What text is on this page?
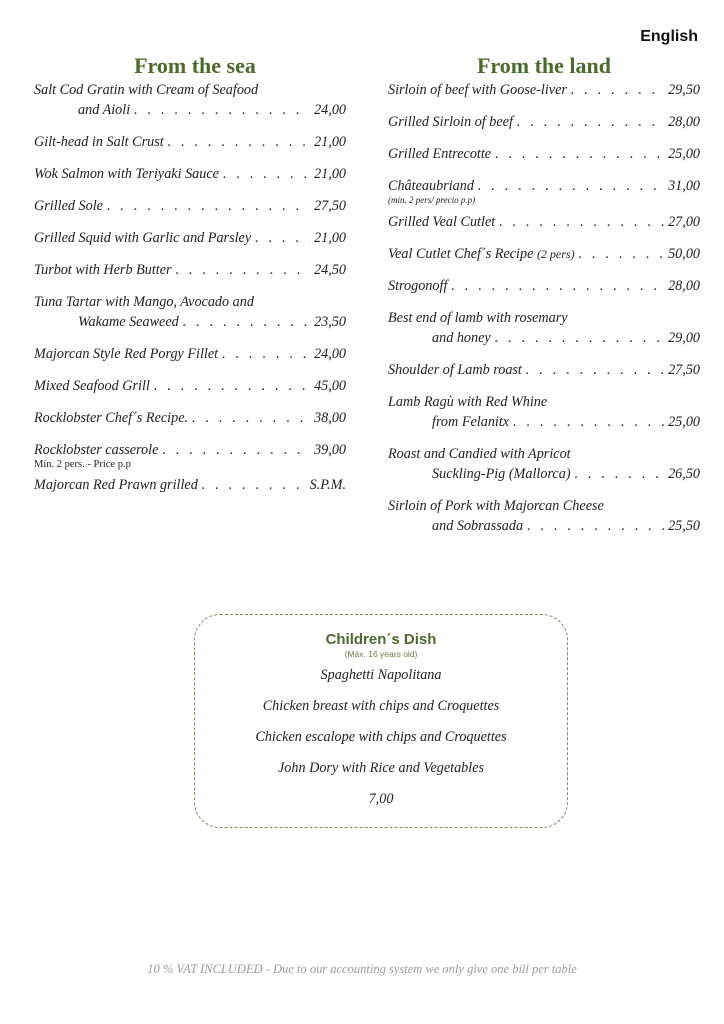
English
From the sea
Salt Cod Gratin with Cream of Seafood
and Aioli . . .	24,00
Gilt-head in Salt Crust . . .	21,00
Wok Salmon with Teriyaki Sauce . . .	21,00
Grilled Sole . . .	27,50
Grilled Squid with Garlic and Parsley . . .	21,00
Turbot with Herb Butter . . .	24,50
Tuna Tartar with Mango, Avocado and
Wakame Seaweed . . .	23,50
Majorcan Style Red Porgy Fillet . . .	24,00
Mixed Seafood Grill . . .	45,00
Rocklobster Chef´s Recipe. . . .	38,00
Rocklobster casserole . . .	39,00
Mín. 2 pers. - Price p.p
Majorcan Red Prawn grilled . . .	S.P.M.
From the land
Sirloin of beef with Goose-liver . . .	29,50
Grilled Sirloin of beef . . .	28,00
Grilled Entrecotte . . .	25,00
Châteaubriand . . .	31,00
(mín. 2 pers/ precio p.p)
Grilled Veal Cutlet . . .	27,00
Veal Cutlet Chef´s Recipe
(2 pers) . . .	50,00
Strogonoff . . .	28,00
Best end of lamb with rosemary
and honey . . .	29,00
Shoulder of Lamb roast . . .	27,50
Lamb Ragù with Red Whine
from Felanitx . . .	25,00
Roast and Candied with Apricot
Suckling-Pig (Mallorca) . . .	26,50
Sirloin of Pork with Majorcan Cheese
and Sobrassada . . .	25,50
Children´s Dish
(Máx. 16 years old)
Spaghetti Napolitana
Chicken breast with chips and Croquettes
Chicken escalope with chips and Croquettes
John Dory with Rice and Vegetables
7,00
10 % VAT INCLUDED - Due to our accounting system we only give one bill per table
